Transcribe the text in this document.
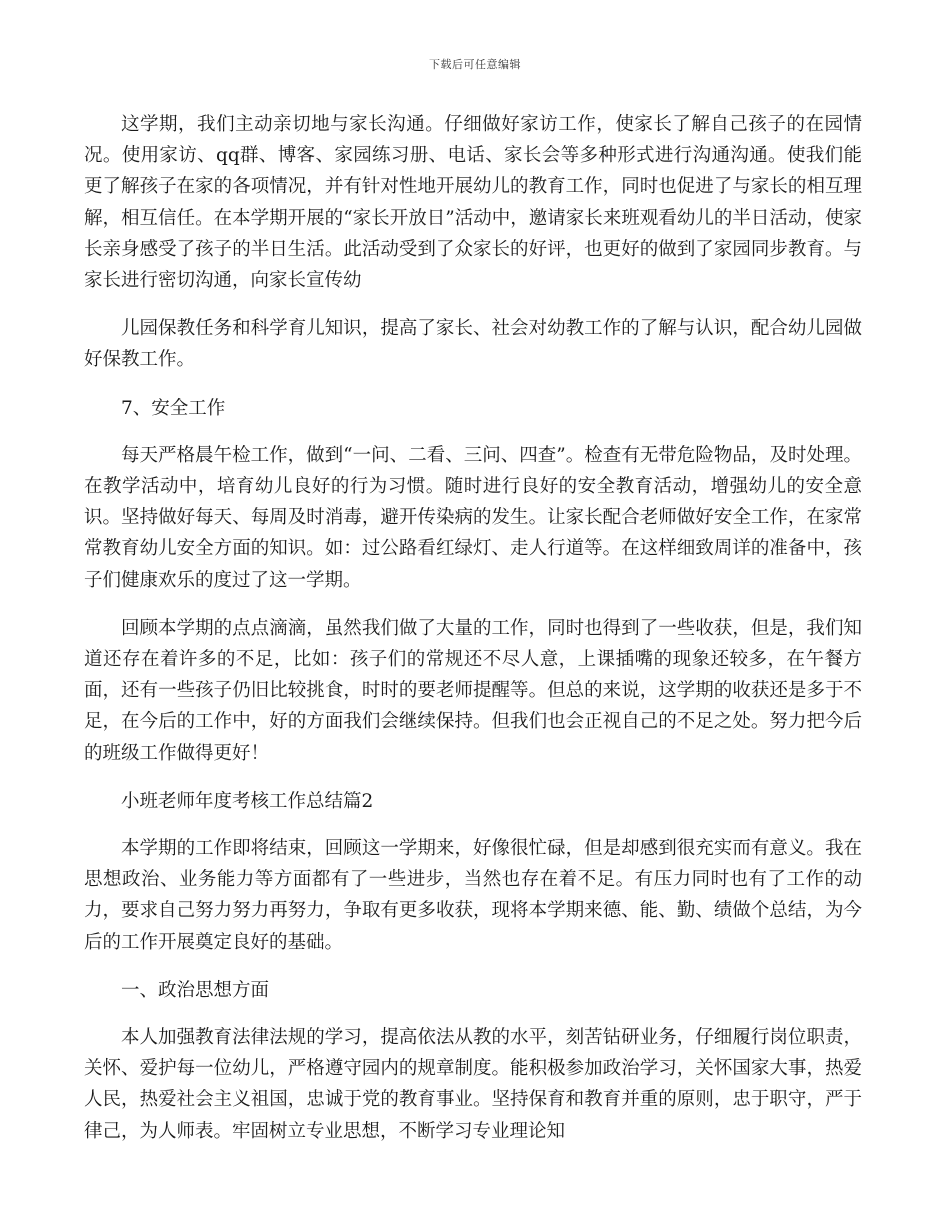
下载后可任意编辑

这学期，我们主动亲切地与家长沟通。仔细做好家访工作，使家长了解自己孩子的在园情况。使用家访、qq群、博客、家园练习册、电话、家长会等多种形式进行沟通沟通。使我们能更了解孩子在家的各项情况，并有针对性地开展幼儿的教育工作，同时也促进了与家长的相互理解，相互信任。在本学期开展的“家长开放日”活动中，邀请家长来班观看幼儿的半日活动，使家长亲身感受了孩子的半日生活。此活动受到了众家长的好评，也更好的做到了家园同步教育。与家长进行密切沟通，向家长宣传幼

儿园保教任务和科学育儿知识，提高了家长、社会对幼教工作的了解与认识，配合幼儿园做好保教工作。

7、安全工作

每天严格晨午检工作，做到“一问、二看、三问、四查”。检查有无带危险物品，及时处理。在教学活动中，培育幼儿良好的行为习惯。随时进行良好的安全教育活动，增强幼儿的安全意识。坚持做好每天、每周及时消毒，避开传染病的发生。让家长配合老师做好安全工作，在家常常教育幼儿安全方面的知识。如：过公路看红绿灯、走人行道等。在这样细致周详的准备中，孩子们健康欢乐的度过了这一学期。

回顾本学期的点点滴滴，虽然我们做了大量的工作，同时也得到了一些收获，但是，我们知道还存在着许多的不足，比如：孩子们的常规还不尽人意，上课插嘴的现象还较多，在午餐方面，还有一些孩子仍旧比较挑食，时时的要老师提醒等。但总的来说，这学期的收获还是多于不足，在今后的工作中，好的方面我们会继续保持。但我们也会正视自己的不足之处。努力把今后的班级工作做得更好！

小班老师年度考核工作总结篇2

本学期的工作即将结束，回顾这一学期来，好像很忙碌，但是却感到很充实而有意义。我在思想政治、业务能力等方面都有了一些进步，当然也存在着不足。有压力同时也有了工作的动力，要求自己努力努力再努力，争取有更多收获，现将本学期来德、能、勤、绩做个总结，为今后的工作开展奠定良好的基础。

一、政治思想方面

本人加强教育法律法规的学习，提高依法从教的水平，刻苦钻研业务，仔细履行岗位职责，关怀、爱护每一位幼儿，严格遵守园内的规章制度。能积极参加政治学习，关怀国家大事，热爱人民，热爱社会主义祖国，忠诚于党的教育事业。坚持保育和教育并重的原则，忠于职守，严于律己，为人师表。牢固树立专业思想，不断学习专业理论知
